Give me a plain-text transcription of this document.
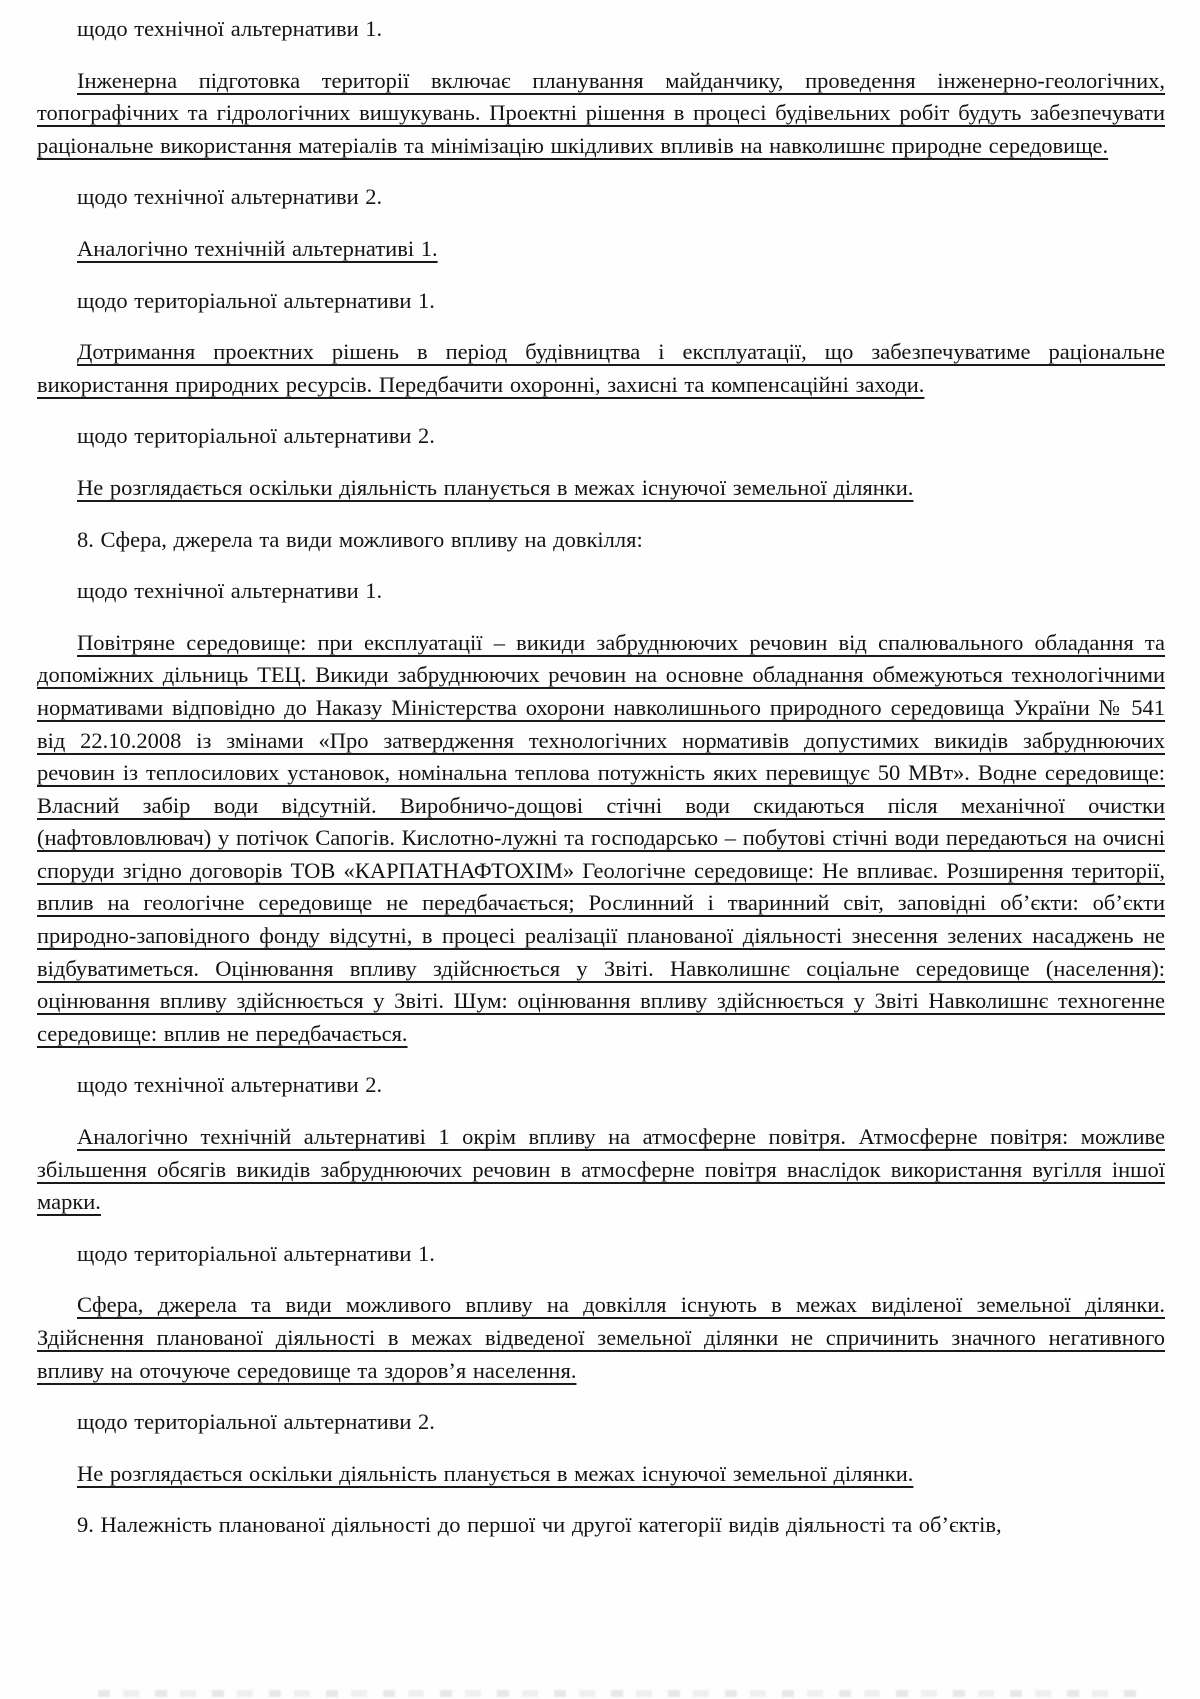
щодо технічної альтернативи 1.

Інженерна підготовка території включає планування майданчику, проведення інженерно-геологічних, топографічних та гідрологічних вишукувань. Проектні рішення в процесі будівельних робіт будуть забезпечувати раціональне використання матеріалів та мінімізацію шкідливих впливів на навколишнє природне середовище.

щодо технічної альтернативи 2.

Аналогічно технічній альтернативі 1.

щодо територіальної альтернативи 1.

Дотримання проектних рішень в період будівництва і експлуатації, що забезпечуватиме раціональне використання природних ресурсів. Передбачити охоронні, захисні та компенсаційні заходи.

щодо територіальної альтернативи 2.

Не розглядається оскільки діяльність планується в межах існуючої земельної ділянки.

8. Сфера, джерела та види можливого впливу на довкілля:

щодо технічної альтернативи 1.

Повітряне середовище: при експлуатації – викиди забруднюючих речовин від спалювального обладання та допоміжних дільниць ТЕЦ. Викиди забруднюючих речовин на основне обладнання обмежуються технологічними нормативами відповідно до Наказу Міністерства охорони навколишнього природного середовища України № 541 від 22.10.2008 із змінами «Про затвердження технологічних нормативів допустимих викидів забруднюючих речовин із теплосилових установок, номінальна теплова потужність яких перевищує 50 МВт». Водне середовище: Власний забір води відсутній. Виробничо-дощові стічні води скидаються після механічної очистки (нафтовловлювач) у потічок Сапогів. Кислотно-лужні та господарсько – побутові стічні води передаються на очисні споруди згідно договорів ТОВ «КАРПАТНАФТОХІМ» Геологічне середовище: Не впливає. Розширення території, вплив на геологічне середовище не передбачається; Рослинний і тваринний світ, заповідні об’єкти: об’єкти природно-заповідного фонду відсутні, в процесі реалізації планованої діяльності знесення зелених насаджень не відбуватиметься. Оцінювання впливу здійснюється у Звіті. Навколишнє соціальне середовище (населення): оцінювання впливу здійснюється у Звіті. Шум: оцінювання впливу здійснюється у Звіті Навколишнє техногенне середовище: вплив не передбачається.

щодо технічної альтернативи 2.

Аналогічно технічній альтернативі 1 окрім впливу на атмосферне повітря. Атмосферне повітря: можливе збільшення обсягів викидів забруднюючих речовин в атмосферне повітря внаслідок використання вугілля іншої марки.

щодо територіальної альтернативи 1.

Сфера, джерела та види можливого впливу на довкілля існують в межах виділеної земельної ділянки. Здійснення планованої діяльності в межах відведеної земельної ділянки не спричинить значного негативного впливу на оточуюче середовище та здоров’я населення.

щодо територіальної альтернативи 2.

Не розглядається оскільки діяльність планується в межах існуючої земельної ділянки.

9. Належність планованої діяльності до першої чи другої категорії видів діяльності та об’єктів,
